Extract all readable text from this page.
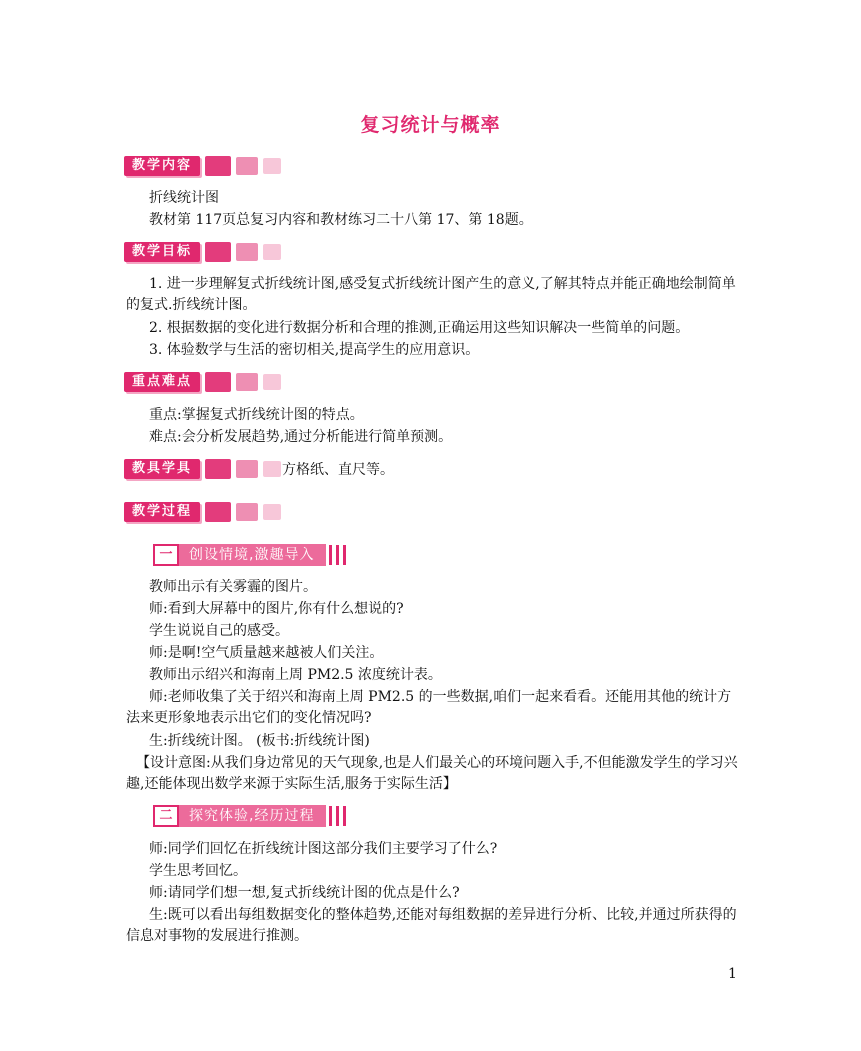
复习统计与概率
教学内容
折线统计图
教材第 117页总复习内容和教材练习二十八第 17、第 18题。
教学目标
1. 进一步理解复式折线统计图,感受复式折线统计图产生的意义,了解其特点并能正确地绘制简单的复式.折线统计图。
2. 根据数据的变化进行数据分析和合理的推测,正确运用这些知识解决一些简单的问题。
3. 体验数学与生活的密切相关,提高学生的应用意识。
重点难点
重点:掌握复式折线统计图的特点。
难点:会分析发展趋势,通过分析能进行简单预测。
教具学具	方格纸、直尺等。
教学过程
一	创设情境,激趣导入
教师出示有关雾霾的图片。
师:看到大屏幕中的图片,你有什么想说的?
学生说说自己的感受。
师:是啊!空气质量越来越被人们关注。
教师出示绍兴和海南上周 PM2.5 浓度统计表。
师:老师收集了关于绍兴和海南上周 PM2.5 的一些数据,咱们一起来看看。还能用其他的统计方法来更形象地表示出它们的变化情况吗?
生:折线统计图。 (板书:折线统计图)
【设计意图:从我们身边常见的天气现象,也是人们最关心的环境问题入手,不但能激发学生的学习兴趣,还能体现出数学来源于实际生活,服务于实际生活】
二	探究体验,经历过程
师:同学们回忆在折线统计图这部分我们主要学习了什么?
学生思考回忆。
师:请同学们想一想,复式折线统计图的优点是什么?
生:既可以看出每组数据变化的整体趋势,还能对每组数据的差异进行分析、比较,并通过所获得的信息对事物的发展进行推测。
1
